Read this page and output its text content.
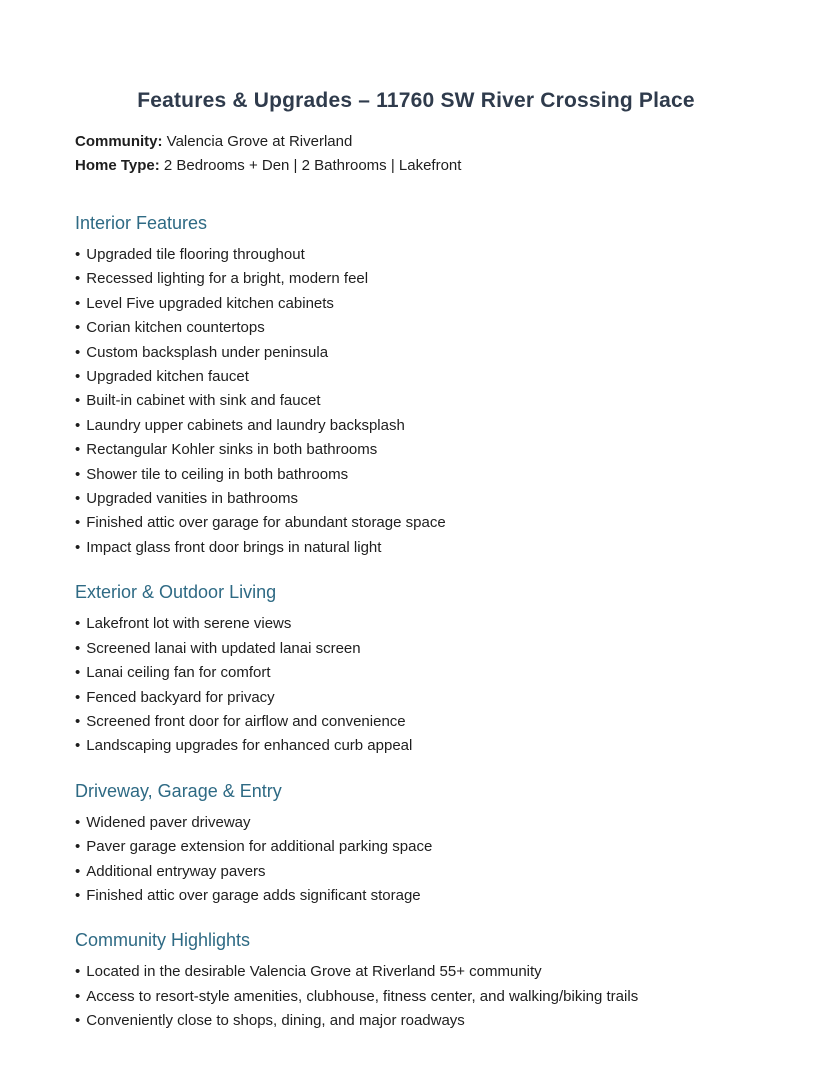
Features & Upgrades – 11760 SW River Crossing Place

Community: Valencia Grove at Riverland

Home Type: 2 Bedrooms + Den | 2 Bathrooms | Lakefront

Interior Features

• Upgraded tile flooring throughout

• Recessed lighting for a bright, modern feel

• Level Five upgraded kitchen cabinets

• Corian kitchen countertops

• Custom backsplash under peninsula

• Upgraded kitchen faucet

• Built-in cabinet with sink and faucet

• Laundry upper cabinets and laundry backsplash

• Rectangular Kohler sinks in both bathrooms

• Shower tile to ceiling in both bathrooms

• Upgraded vanities in bathrooms

• Finished attic over garage for abundant storage space

• Impact glass front door brings in natural light

Exterior & Outdoor Living

• Lakefront lot with serene views

• Screened lanai with updated lanai screen

• Lanai ceiling fan for comfort

• Fenced backyard for privacy

• Screened front door for airflow and convenience

• Landscaping upgrades for enhanced curb appeal

Driveway, Garage & Entry

• Widened paver driveway

• Paver garage extension for additional parking space

• Additional entryway pavers

• Finished attic over garage adds significant storage

Community Highlights

• Located in the desirable Valencia Grove at Riverland 55+ community

• Access to resort-style amenities, clubhouse, fitness center, and walking/biking trails

• Conveniently close to shops, dining, and major roadways
